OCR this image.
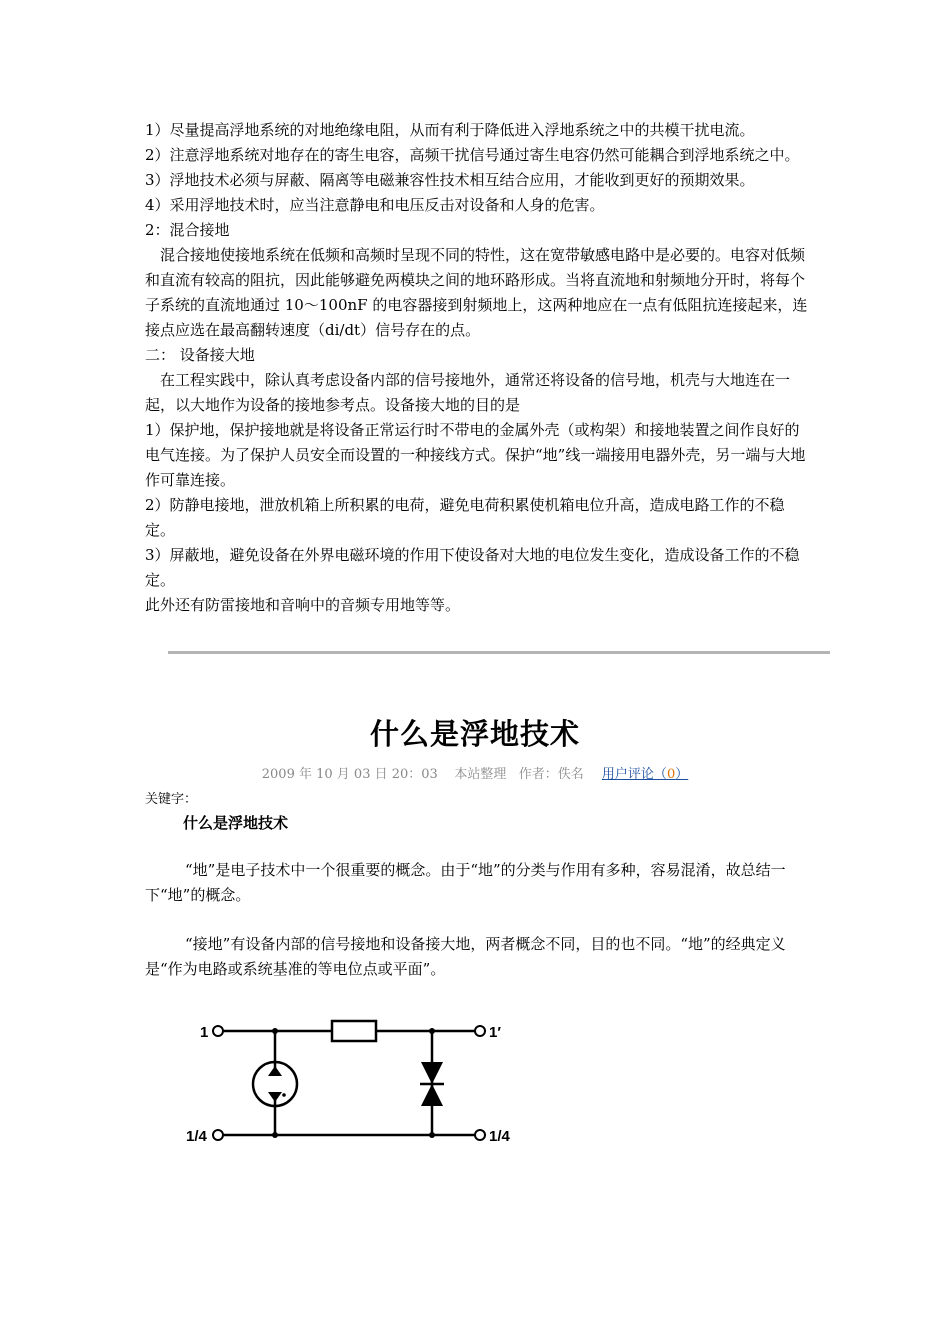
1）尽量提高浮地系统的对地绝缘电阻，从而有利于降低进入浮地系统之中的共模干扰电流。

2）注意浮地系统对地存在的寄生电容，高频干扰信号通过寄生电容仍然可能耦合到浮地系统之中。

3）浮地技术必须与屏蔽、隔离等电磁兼容性技术相互结合应用，才能收到更好的预期效果。

4）采用浮地技术时，应当注意静电和电压反击对设备和人身的危害。

2：混合接地

混合接地使接地系统在低频和高频时呈现不同的特性，这在宽带敏感电路中是必要的。电容对低频和直流有较高的阻抗，因此能够避免两模块之间的地环路形成。当将直流地和射频地分开时，将每个子系统的直流地通过 10～100nF 的电容器接到射频地上，这两种地应在一点有低阻抗连接起来，连接点应选在最高翻转速度（di/dt）信号存在的点。

二： 设备接大地

在工程实践中，除认真考虑设备内部的信号接地外，通常还将设备的信号地，机壳与大地连在一起，以大地作为设备的接地参考点。设备接大地的目的是

1）保护地，保护接地就是将设备正常运行时不带电的金属外壳（或构架）和接地装置之间作良好的电气连接。为了保护人员安全而设置的一种接线方式。保护“地”线一端接用电器外壳，另一端与大地作可靠连接。

2）防静电接地，泄放机箱上所积累的电荷，避免电荷积累使机箱电位升高，造成电路工作的不稳定。

3）屏蔽地，避免设备在外界电磁环境的作用下使设备对大地的电位发生变化，造成设备工作的不稳定。

此外还有防雷接地和音响中的音频专用地等等。

什么是浮地技术
2009 年 10 月 03 日 20：03 本站整理 作者：佚名 用户评论（0）
关键字：
什么是浮地技术

“地”是电子技术中一个很重要的概念。由于“地”的分类与作用有多种，容易混淆，故总结一下“地”的概念。

“接地”有设备内部的信号接地和设备接大地，两者概念不同，目的也不同。“地”的经典定义是“作为电路或系统基准的等电位点或平面”。

1	1′
1/4	1/4
